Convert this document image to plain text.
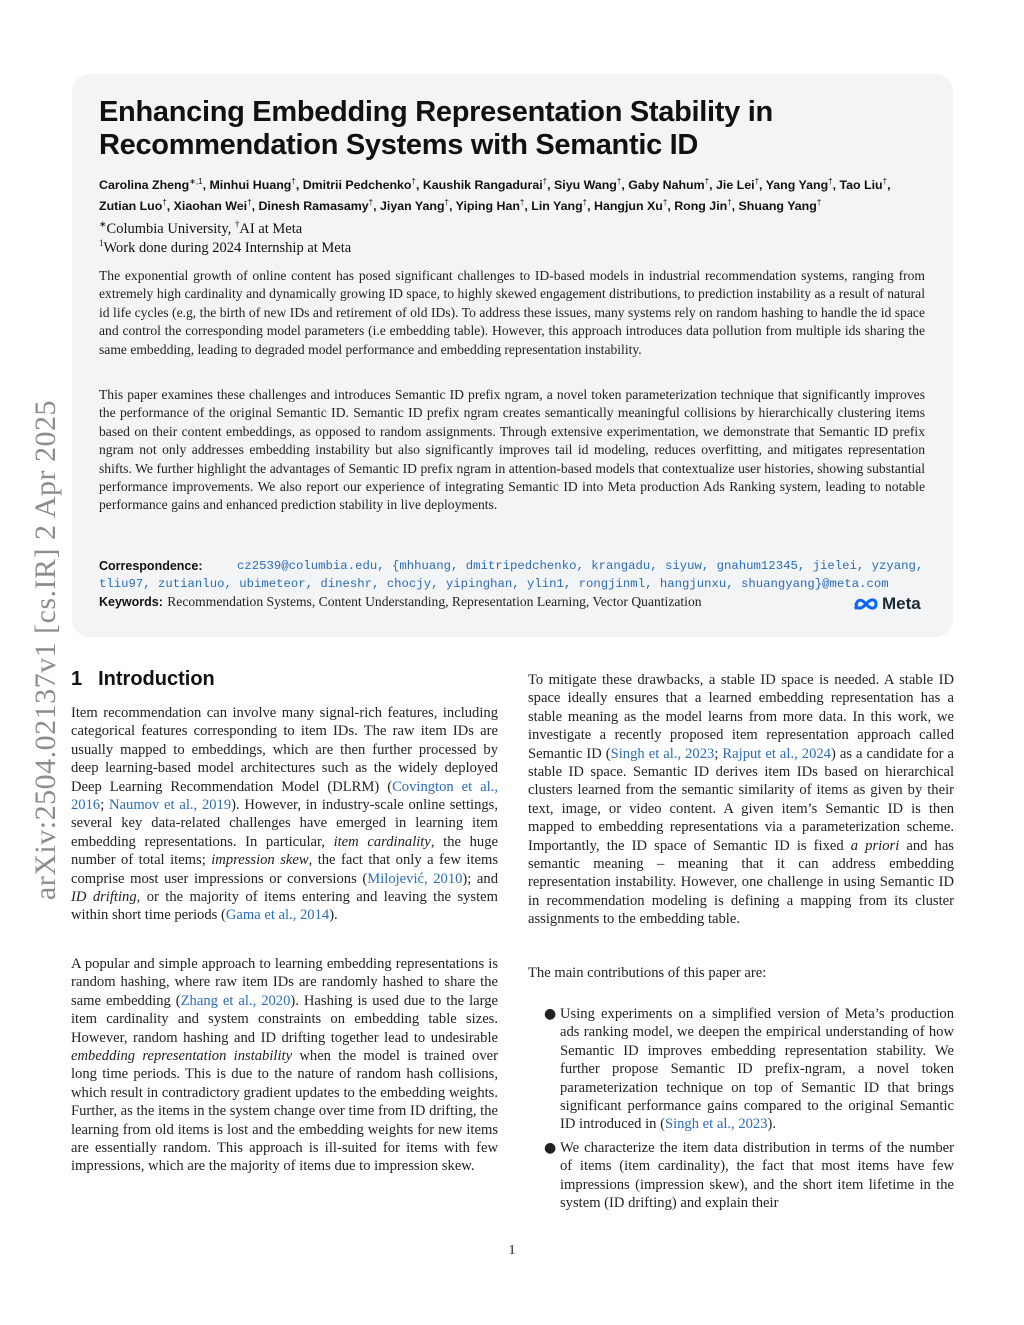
arXiv:2504.02137v1 [cs.IR] 2 Apr 2025
Enhancing Embedding Representation Stability in Recommendation Systems with Semantic ID
Carolina Zheng$^{∗,1}$, Minhui Huang†, Dmitrii Pedchenko†, Kaushik Rangadurai†, Siyu Wang†, Gaby Nahum†, Jie Lei†, Yang Yang†, Tao Liu†, Zutian Luo†, Xiaohan Wei†, Dinesh Ramasamy†, Jiyan Yang†, Yiping Han†, Lin Yang†, Hangjun Xu†, Rong Jin†, Shuang Yang†
∗Columbia University, †AI at Meta
$^1$Work done during 2024 Internship at Meta

The exponential growth of online content has posed significant challenges to ID-based models in industrial recommendation systems, ranging from extremely high cardinality and dynamically growing ID space, to highly skewed engagement distributions, to prediction instability as a result of natural id life cycles (e.g, the birth of new IDs and retirement of old IDs). To address these issues, many systems rely on random hashing to handle the id space and control the corresponding model parameters (i.e embedding table). However, this approach introduces data pollution from multiple ids sharing the same embedding, leading to degraded model performance and embedding representation instability.

This paper examines these challenges and introduces Semantic ID prefix ngram, a novel token parameterization technique that significantly improves the performance of the original Semantic ID. Semantic ID prefix ngram creates semantically meaningful collisions by hierarchically clustering items based on their content embeddings, as opposed to random assignments. Through extensive experimentation, we demonstrate that Semantic ID prefix ngram not only addresses embedding instability but also significantly improves tail id modeling, reduces overfitting, and mitigates representation shifts. We further highlight the advantages of Semantic ID prefix ngram in attention-based models that contextualize user histories, showing substantial performance improvements. We also report our experience of integrating Semantic ID into Meta production Ads Ranking system, leading to notable performance gains and enhanced prediction stability in live deployments.

Correspondence:	cz2539@columbia.edu, {mhhuang, dmitripedchenko, krangadu, siyuw, gnahum12345, jielei, yzyang,
tliu97, zutianluo, ubimeteor, dineshr, chocjy, yipinghan, ylin1, rongjinml, hangjunxu, shuangyang}@meta.com
Keywords: Recommendation Systems, Content Understanding, Representation Learning, Vector Quantization	Meta
1 Introduction

Item recommendation can involve many signal-rich features, including categorical features corresponding to item IDs. The raw item IDs are usually mapped to embeddings, which are then further processed by deep learning-based model architectures such as the widely deployed Deep Learning Recommendation Model (DLRM) (Covington et al., 2016; Naumov et al., 2019). However, in industry-scale online settings, several key data-related challenges have emerged in learning item embedding representations. In particular, item cardinality, the huge number of total items; impression skew, the fact that only a few items comprise most user impressions or conversions (Milojević, 2010); and ID drifting, or the majority of items entering and leaving the system within short time periods (Gama et al., 2014).

A popular and simple approach to learning embedding representations is random hashing, where raw item IDs are randomly hashed to share the same embedding (Zhang et al., 2020). Hashing is used due to the large item cardinality and system constraints on embedding table sizes. However, random hashing and ID drifting together lead to undesirable embedding representation instability when the model is trained over long time periods. This is due to the nature of random hash collisions, which result in contradictory gradient updates to the embedding weights. Further, as the items in the system change over time from ID drifting, the learning from old items is lost and the embedding weights for new items are essentially random. This approach is ill-suited for items with few impressions, which are the majority of items due to impression skew.

To mitigate these drawbacks, a stable ID space is needed. A stable ID space ideally ensures that a learned embedding representation has a stable meaning as the model learns from more data. In this work, we investigate a recently proposed item representation approach called Semantic ID (Singh et al., 2023; Rajput et al., 2024) as a candidate for a stable ID space. Semantic ID derives item IDs based on hierarchical clusters learned from the semantic similarity of items as given by their text, image, or video content. A given item’s Semantic ID is then mapped to embedding representations via a parameterization scheme. Importantly, the ID space of Semantic ID is fixed a priori and has semantic meaning – meaning that it can address embedding representation instability. However, one challenge in using Semantic ID in recommendation modeling is defining a mapping from its cluster assignments to the embedding table.

The main contributions of this paper are:

● Using experiments on a simplified version of Meta’s production ads ranking model, we deepen the empirical understanding of how Semantic ID improves embedding representation stability. We further propose Semantic ID prefix-ngram, a novel token parameterization technique on top of Semantic ID that brings significant performance gains compared to the original Semantic ID introduced in (Singh et al., 2023).

● We characterize the item data distribution in terms of the number of items (item cardinality), the fact that most items have few impressions (impression skew), and the short item lifetime in the system (ID drifting) and explain their

1
